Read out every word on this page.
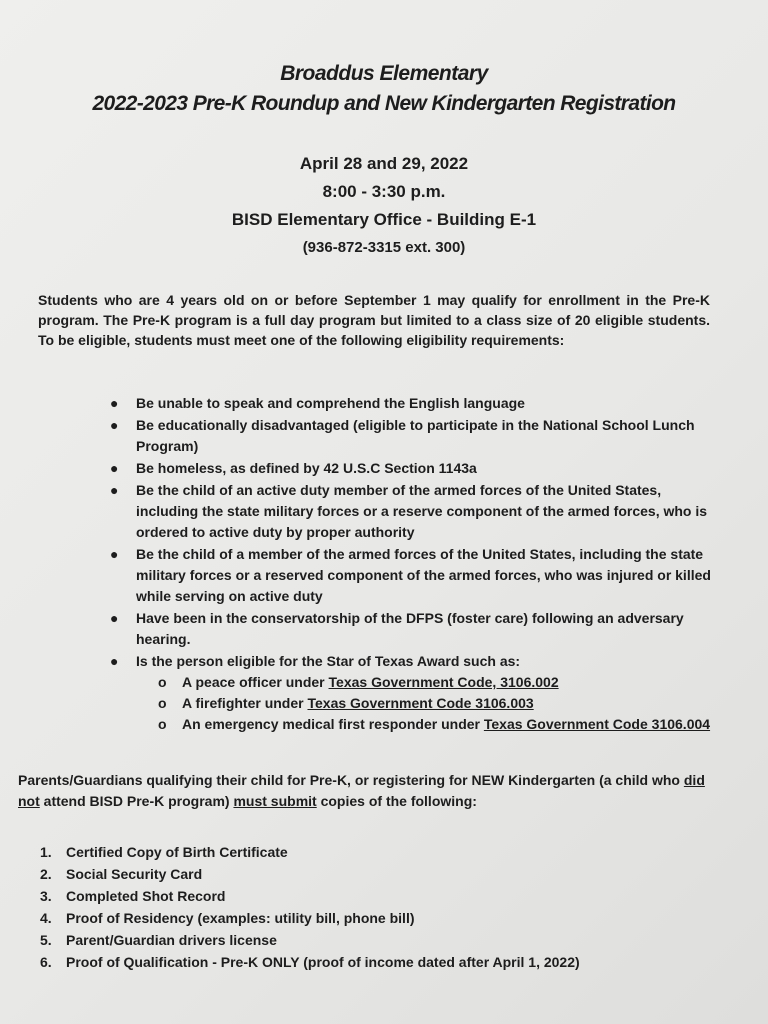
Broaddus Elementary
2022-2023 Pre-K Roundup and New Kindergarten Registration

April 28 and 29, 2022

8:00 - 3:30 p.m.

BISD Elementary Office - Building E-1

(936-872-3315 ext. 300)

Students who are 4 years old on or before September 1 may qualify for enrollment in the Pre-K program. The Pre-K program is a full day program but limited to a class size of 20 eligible students. To be eligible, students must meet one of the following eligibility requirements:

● Be unable to speak and comprehend the English language
● Be educationally disadvantaged (eligible to participate in the National School Lunch Program)
● Be homeless, as defined by 42 U.S.C Section 1143a
● Be the child of an active duty member of the armed forces of the United States, including the state military forces or a reserve component of the armed forces, who is ordered to active duty by proper authority
● Be the child of a member of the armed forces of the United States, including the state military forces or a reserved component of the armed forces, who was injured or killed while serving on active duty
● Have been in the conservatorship of the DFPS (foster care) following an adversary hearing.
● Is the person eligible for the Star of Texas Award such as:
o A peace officer under Texas Government Code, 3106.002
o A firefighter under Texas Government Code 3106.003
o An emergency medical first responder under Texas Government Code 3106.004

Parents/Guardians qualifying their child for Pre-K, or registering for NEW Kindergarten (a child who did not attend BISD Pre-K program) must submit copies of the following:

1. Certified Copy of Birth Certificate
2. Social Security Card
3. Completed Shot Record
4. Proof of Residency (examples: utility bill, phone bill)
5. Parent/Guardian drivers license
6. Proof of Qualification - Pre-K ONLY (proof of income dated after April 1, 2022)
